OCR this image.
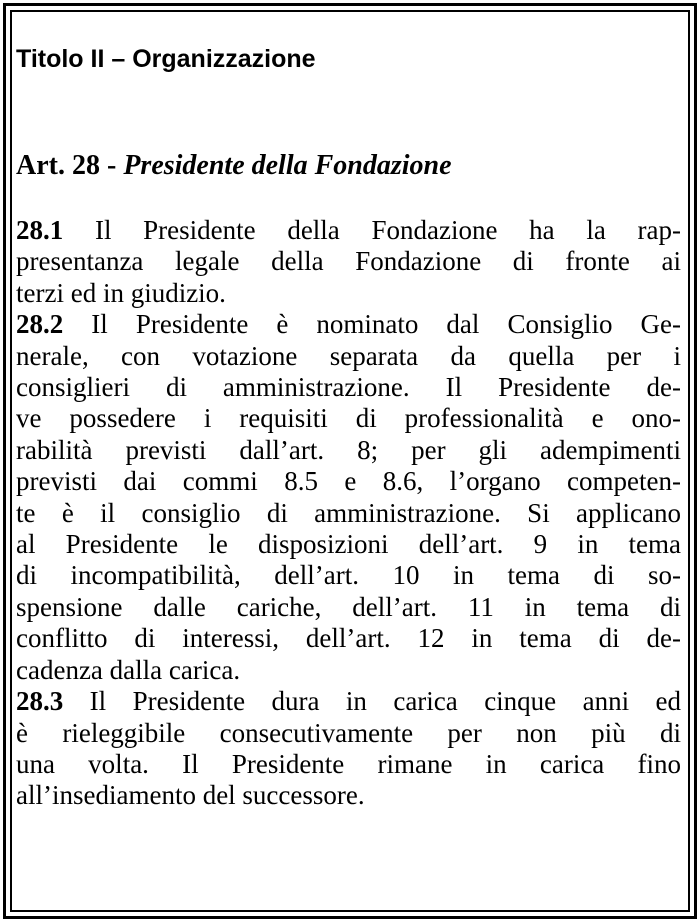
Titolo II – Organizzazione
Art. 28 - Presidente della Fondazione

28.1 Il Presidente della Fondazione ha la rap-
presentanza legale della Fondazione di fronte ai
terzi ed in giudizio.

28.2 Il Presidente è nominato dal Consiglio Ge-
nerale, con votazione separata da quella per i
consiglieri di amministrazione. Il Presidente de-
ve possedere i requisiti di professionalità e ono-
rabilità previsti dall’art. 8; per gli adempimenti
previsti dai commi 8.5 e 8.6, l’organo competen-
te è il consiglio di amministrazione. Si applicano
al Presidente le disposizioni dell’art. 9 in tema
di incompatibilità, dell’art. 10 in tema di so-
spensione dalle cariche, dell’art. 11 in tema di
conflitto di interessi, dell’art. 12 in tema di de-
cadenza dalla carica.

28.3 Il Presidente dura in carica cinque anni ed
è rieleggibile consecutivamente per non più di
una volta. Il Presidente rimane in carica fino
all’insediamento del successore.
